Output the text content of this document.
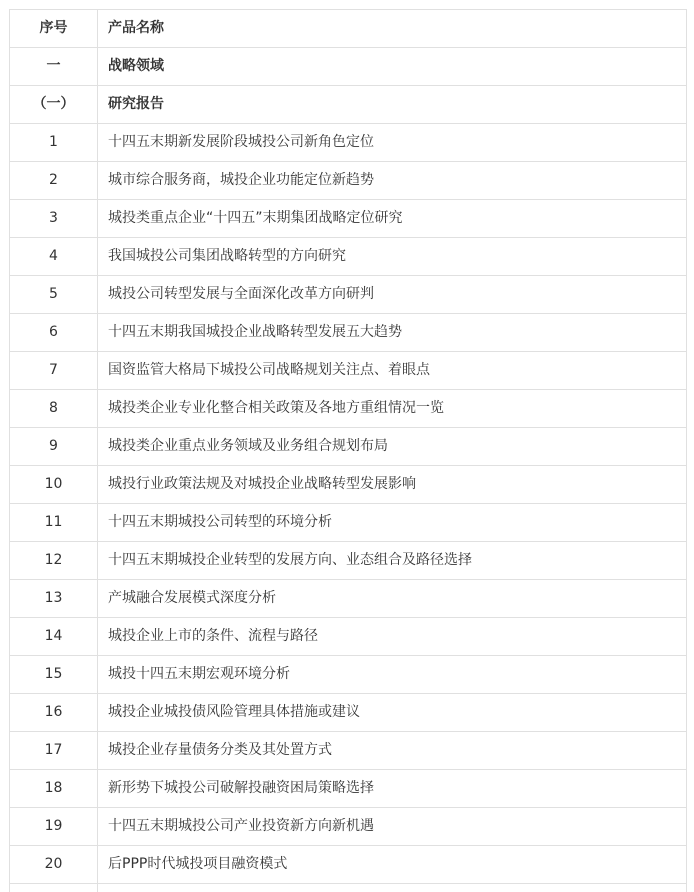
序号	产品名称
一	战略领域
（一）	研究报告
1	十四五末期新发展阶段城投公司新角色定位
2	城市综合服务商，城投企业功能定位新趋势
3	城投类重点企业“十四五”末期集团战略定位研究
4	我国城投公司集团战略转型的方向研究
5	城投公司转型发展与全面深化改革方向研判
6	十四五末期我国城投企业战略转型发展五大趋势
7	国资监管大格局下城投公司战略规划关注点、着眼点
8	城投类企业专业化整合相关政策及各地方重组情况一览
9	城投类企业重点业务领域及业务组合规划布局
10	城投行业政策法规及对城投企业战略转型发展影响
11	十四五末期城投公司转型的环境分析
12	十四五末期城投企业转型的发展方向、业态组合及路径选择
13	产城融合发展模式深度分析
14	城投企业上市的条件、流程与路径
15	城投十四五末期宏观环境分析
16	城投企业城投债风险管理具体措施或建议
17	城投企业存量债务分类及其处置方式
18	新形势下城投公司破解投融资困局策略选择
19	十四五末期城投公司产业投资新方向新机遇
20	后PPP时代城投项目融资模式
